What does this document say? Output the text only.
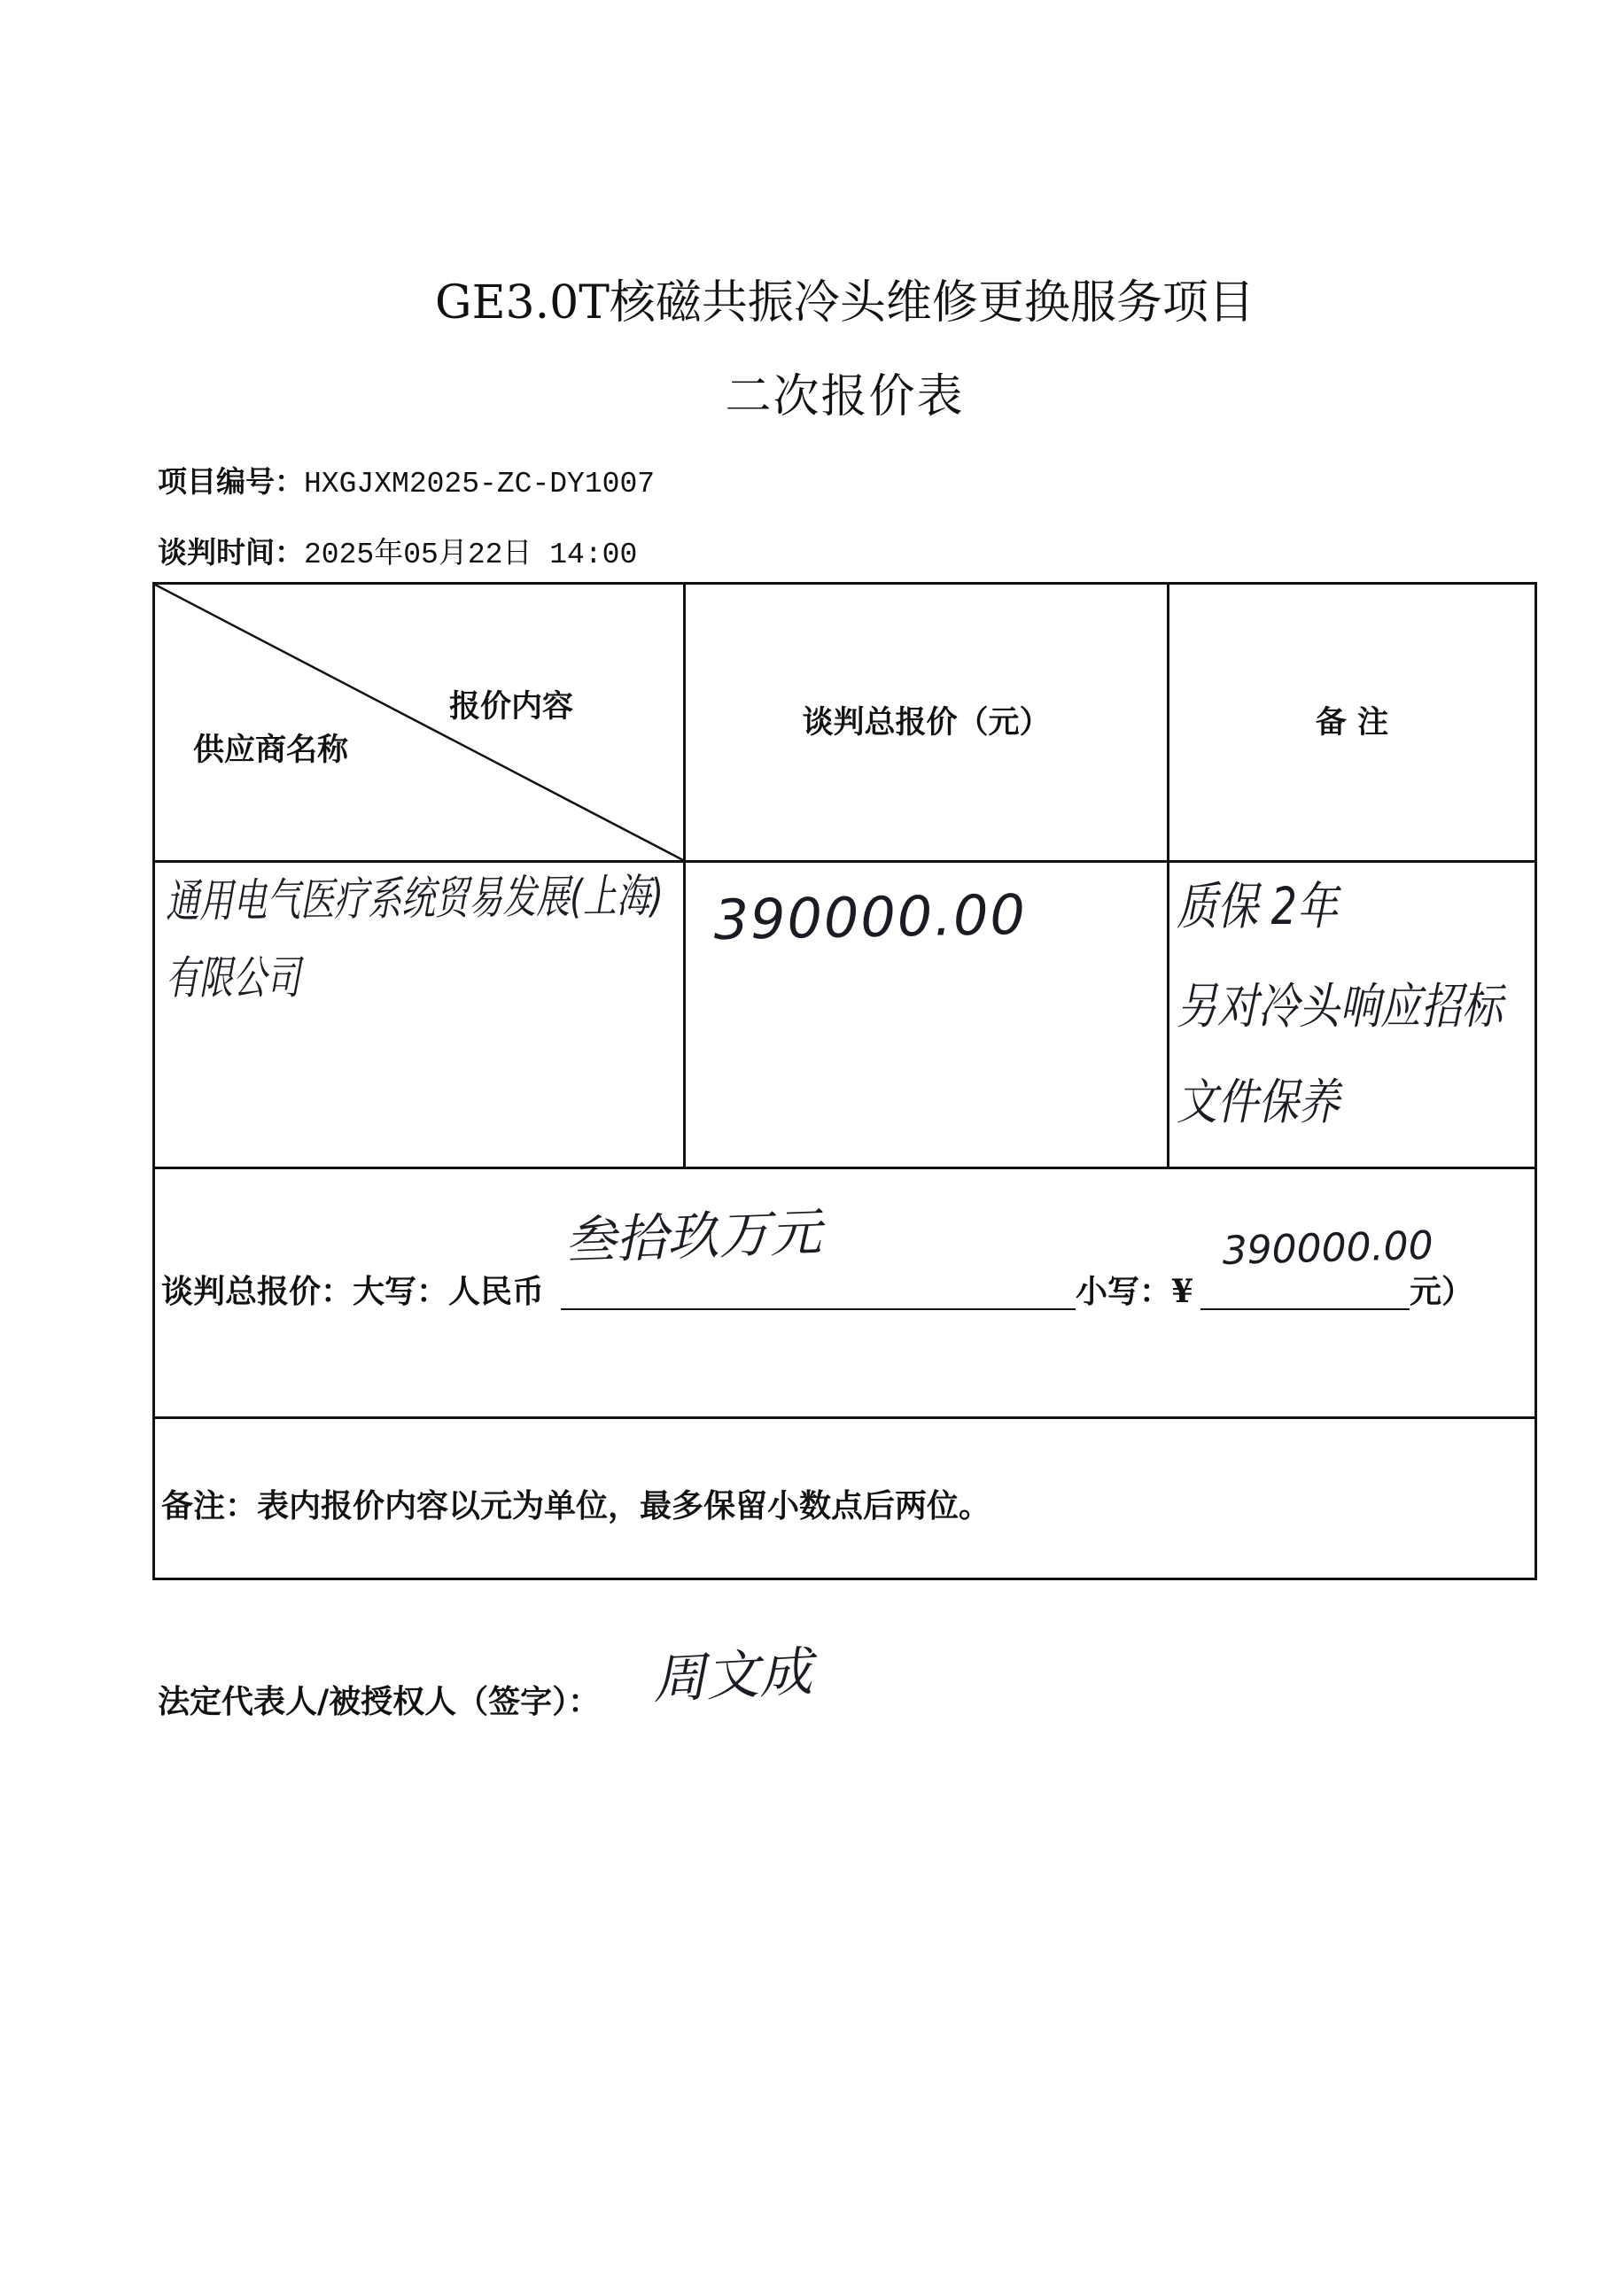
GE3.0T核磁共振冷头维修更换服务项目
二次报价表
项目编号：HXGJXM2025-ZC-DY1007
谈判时间：2025年05月22日 14:00
报价内容
供应商名称
谈判总报价（元）	备 注
通用电气医疗系统贸易发展(上海)
有限公司
390000.00	质保 2年
另对冷头响应招标
文件保养
谈判总报价：大写：人民币
叁拾玖万元
小写：¥
390000.00
元）
备注：表内报价内容以元为单位，最多保留小数点后两位。
法定代表人/被授权人（签字）： 周文成
